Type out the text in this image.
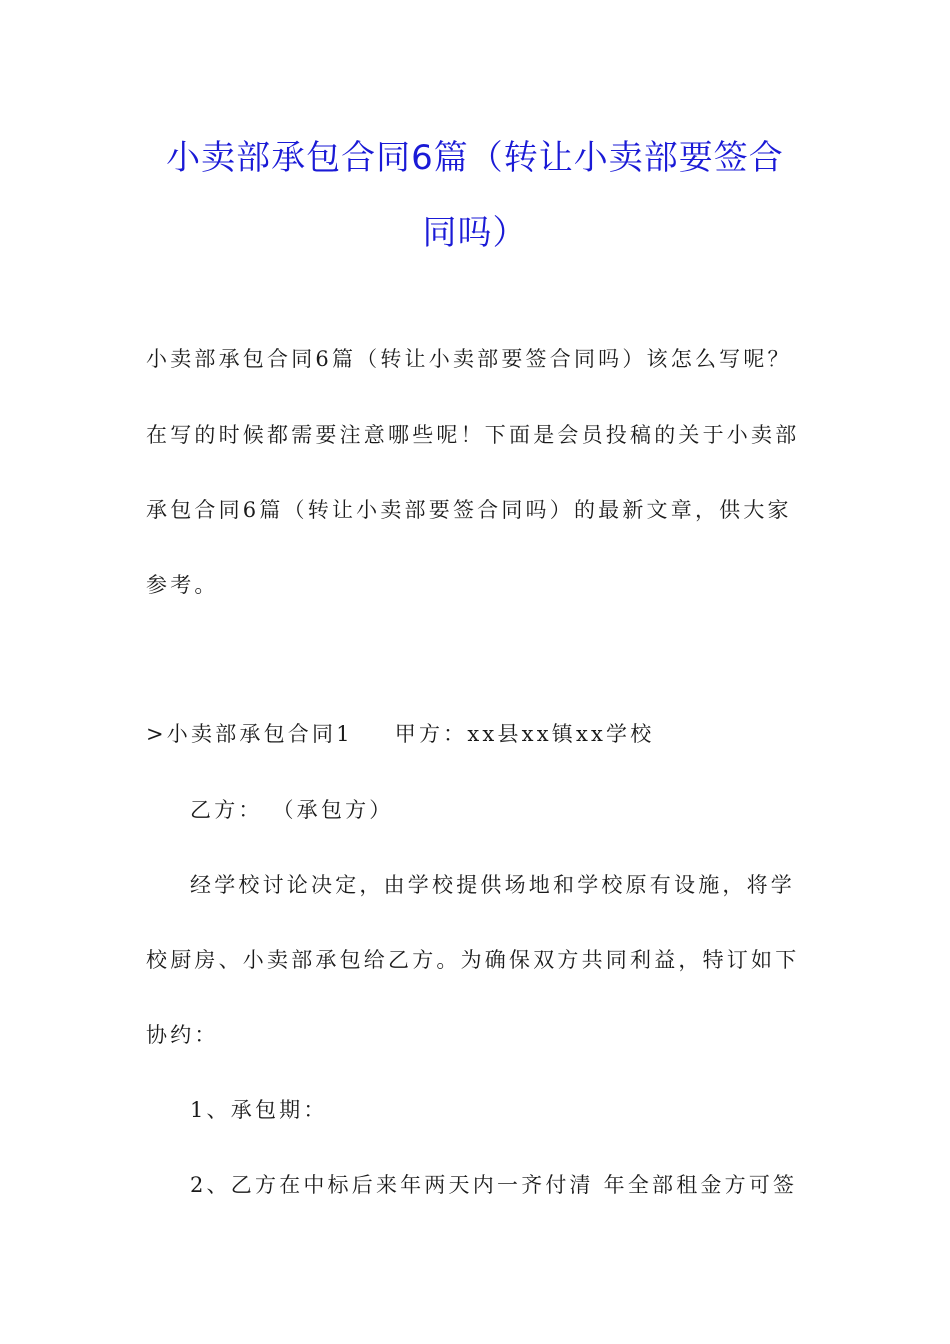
小卖部承包合同6篇（转让小卖部要签合
同吗）
小卖部承包合同6篇（转让小卖部要签合同吗）该怎么写呢？
在写的时候都需要注意哪些呢！下面是会员投稿的关于小卖部
承包合同6篇（转让小卖部要签合同吗）的最新文章，供大家
参考。
>小卖部承包合同1 甲方：xx县xx镇xx学校
乙方： （承包方）
经学校讨论决定，由学校提供场地和学校原有设施，将学
校厨房、小卖部承包给乙方。为确保双方共同利益，特订如下
协约：
1、承包期：
2、乙方在中标后来年两天内一齐付清 年全部租金方可签
